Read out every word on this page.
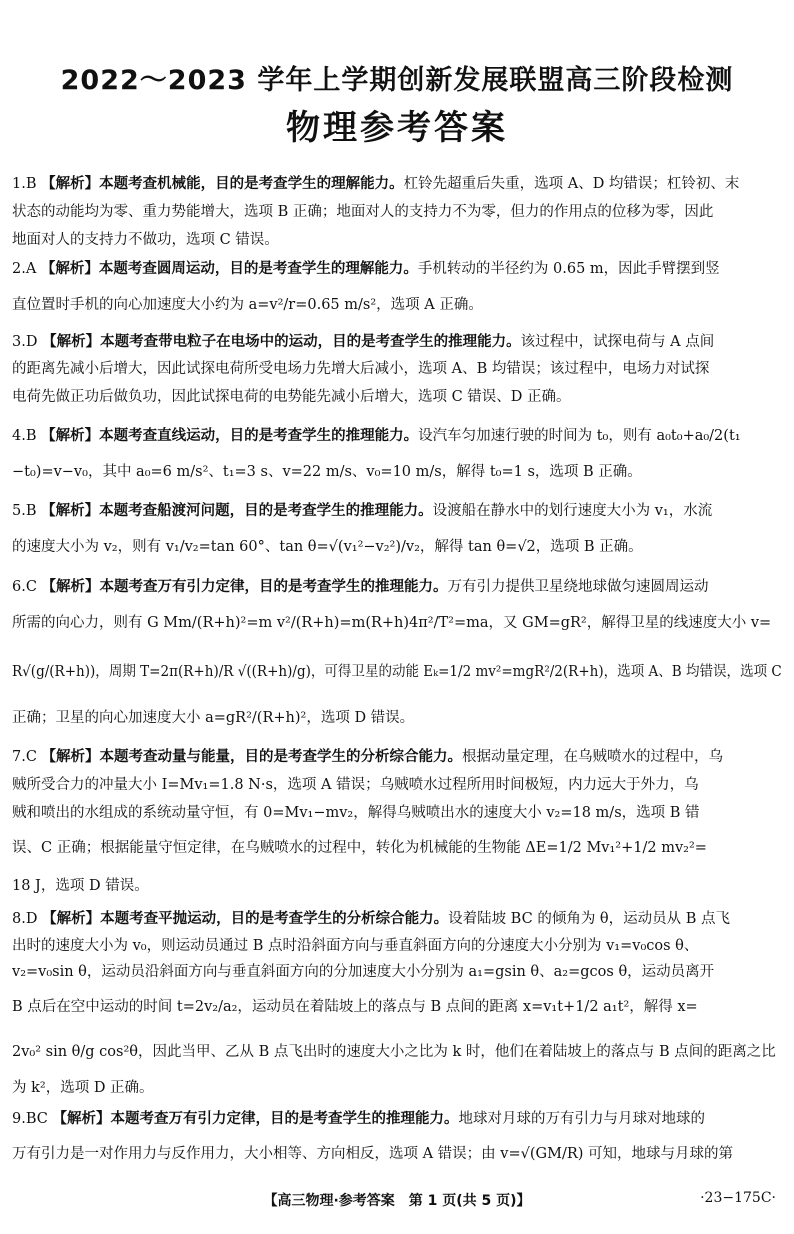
2022～2023 学年上学期创新发展联盟高三阶段检测
物理参考答案
1.B 【解析】本题考查机械能，目的是考查学生的理解能力。杠铃先超重后失重，选项 A、D 均错误；杠铃初、末
状态的动能均为零、重力势能增大，选项 B 正确；地面对人的支持力不为零，但力的作用点的位移为零，因此
地面对人的支持力不做功，选项 C 错误。
2.A 【解析】本题考查圆周运动，目的是考查学生的理解能力。手机转动的半径约为 0.65 m，因此手臂摆到竖
直位置时手机的向心加速度大小约为 a=v²/r=0.65 m/s²，选项 A 正确。
3.D 【解析】本题考查带电粒子在电场中的运动，目的是考查学生的推理能力。该过程中，试探电荷与 A 点间
的距离先减小后增大，因此试探电荷所受电场力先增大后减小，选项 A、B 均错误；该过程中，电场力对试探
电荷先做正功后做负功，因此试探电荷的电势能先减小后增大，选项 C 错误、D 正确。
4.B 【解析】本题考查直线运动，目的是考查学生的推理能力。设汽车匀加速行驶的时间为 t₀，则有 a₀t₀+a₀/2(t₁
−t₀)=v−v₀，其中 a₀=6 m/s²、t₁=3 s、v=22 m/s、v₀=10 m/s，解得 t₀=1 s，选项 B 正确。
5.B 【解析】本题考查船渡河问题，目的是考查学生的推理能力。设渡船在静水中的划行速度大小为 v₁，水流
的速度大小为 v₂，则有 v₁/v₂=tan 60°、tan θ=√(v₁²−v₂²)/v₂，解得 tan θ=√2，选项 B 正确。
6.C 【解析】本题考查万有引力定律，目的是考查学生的推理能力。万有引力提供卫星绕地球做匀速圆周运动
所需的向心力，则有 G Mm/(R+h)²=m v²/(R+h)=m(R+h)4π²/T²=ma，又 GM=gR²，解得卫星的线速度大小 v=
R√(g/(R+h))，周期 T=2π(R+h)/R √((R+h)/g)，可得卫星的动能 Eₖ=1/2 mv²=mgR²/2(R+h)，选项 A、B 均错误，选项 C
正确；卫星的向心加速度大小 a=gR²/(R+h)²，选项 D 错误。
7.C 【解析】本题考查动量与能量，目的是考查学生的分析综合能力。根据动量定理，在乌贼喷水的过程中，乌
贼所受合力的冲量大小 I=Mv₁=1.8 N·s，选项 A 错误；乌贼喷水过程所用时间极短，内力远大于外力，乌
贼和喷出的水组成的系统动量守恒，有 0=Mv₁−mv₂，解得乌贼喷出水的速度大小 v₂=18 m/s，选项 B 错
误、C 正确；根据能量守恒定律，在乌贼喷水的过程中，转化为机械能的生物能 ΔE=1/2 Mv₁²+1/2 mv₂²=
18 J，选项 D 错误。
8.D 【解析】本题考查平抛运动，目的是考查学生的分析综合能力。设着陆坡 BC 的倾角为 θ，运动员从 B 点飞
出时的速度大小为 v₀，则运动员通过 B 点时沿斜面方向与垂直斜面方向的分速度大小分别为 v₁=v₀cos θ、
v₂=v₀sin θ，运动员沿斜面方向与垂直斜面方向的分加速度大小分别为 a₁=gsin θ、a₂=gcos θ，运动员离开
B 点后在空中运动的时间 t=2v₂/a₂，运动员在着陆坡上的落点与 B 点间的距离 x=v₁t+1/2 a₁t²，解得 x=
2v₀² sin θ/g cos²θ，因此当甲、乙从 B 点飞出时的速度大小之比为 k 时，他们在着陆坡上的落点与 B 点间的距离之比
为 k²，选项 D 正确。
9.BC 【解析】本题考查万有引力定律，目的是考查学生的推理能力。地球对月球的万有引力与月球对地球的
万有引力是一对作用力与反作用力，大小相等、方向相反，选项 A 错误；由 v=√(GM/R) 可知，地球与月球的第
【高三物理·参考答案　第 1 页(共 5 页)】	·23−175C·
